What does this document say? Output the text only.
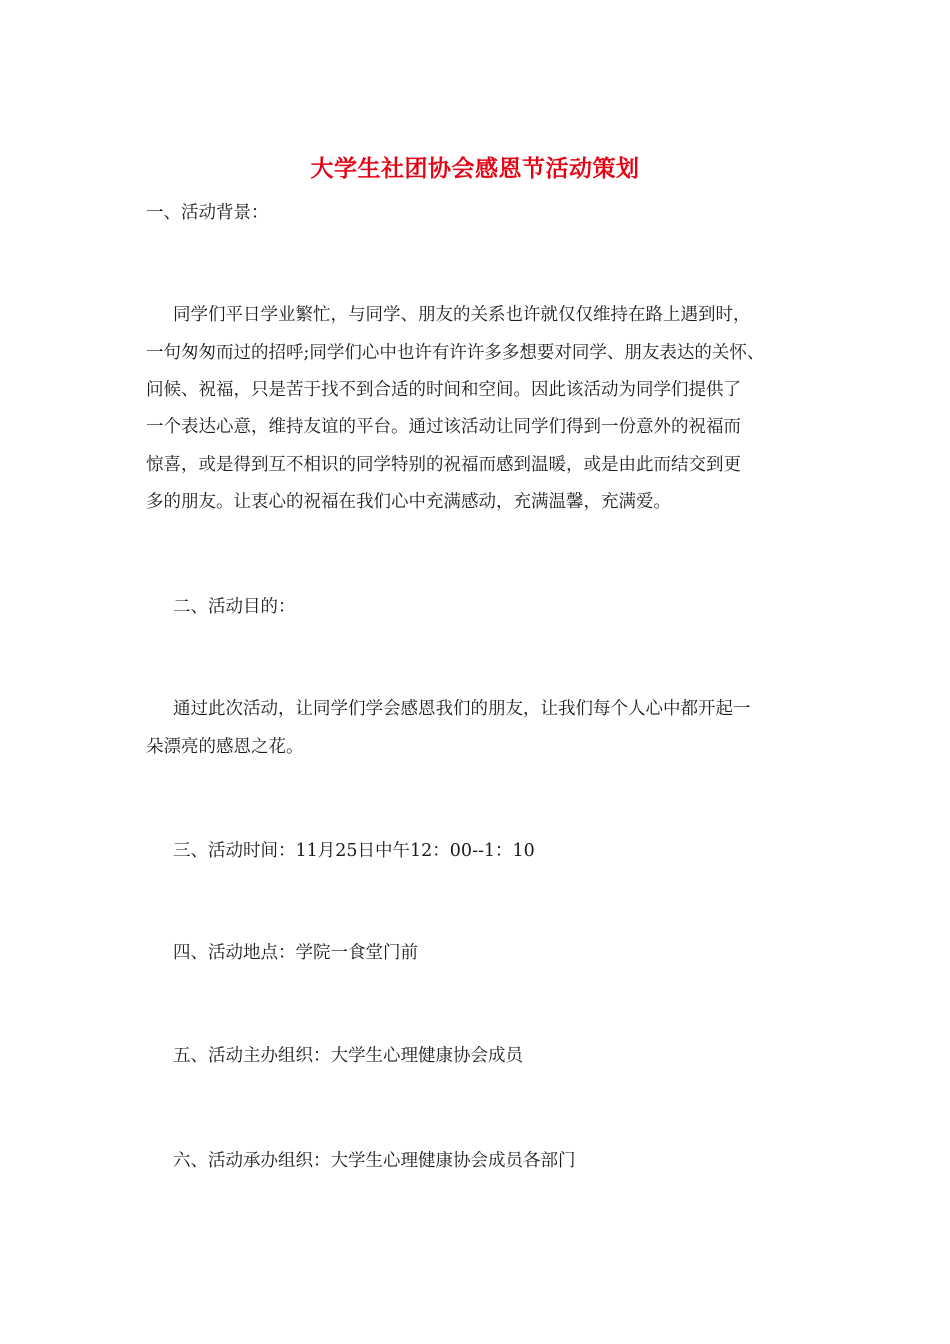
大学生社团协会感恩节活动策划
一、活动背景：
同学们平日学业繁忙，与同学、朋友的关系也许就仅仅维持在路上遇到时，
一句匆匆而过的招呼;同学们心中也许有许许多多想要对同学、朋友表达的关怀、
问候、祝福，只是苦于找不到合适的时间和空间。因此该活动为同学们提供了
一个表达心意，维持友谊的平台。通过该活动让同学们得到一份意外的祝福而
惊喜，或是得到互不相识的同学特别的祝福而感到温暖，或是由此而结交到更
多的朋友。让衷心的祝福在我们心中充满感动，充满温馨，充满爱。
二、活动目的：
通过此次活动，让同学们学会感恩我们的朋友，让我们每个人心中都开起一
朵漂亮的感恩之花。
三、活动时间：11月25日中午12：00--1：10
四、活动地点：学院一食堂门前
五、活动主办组织：大学生心理健康协会成员
六、活动承办组织：大学生心理健康协会成员各部门
